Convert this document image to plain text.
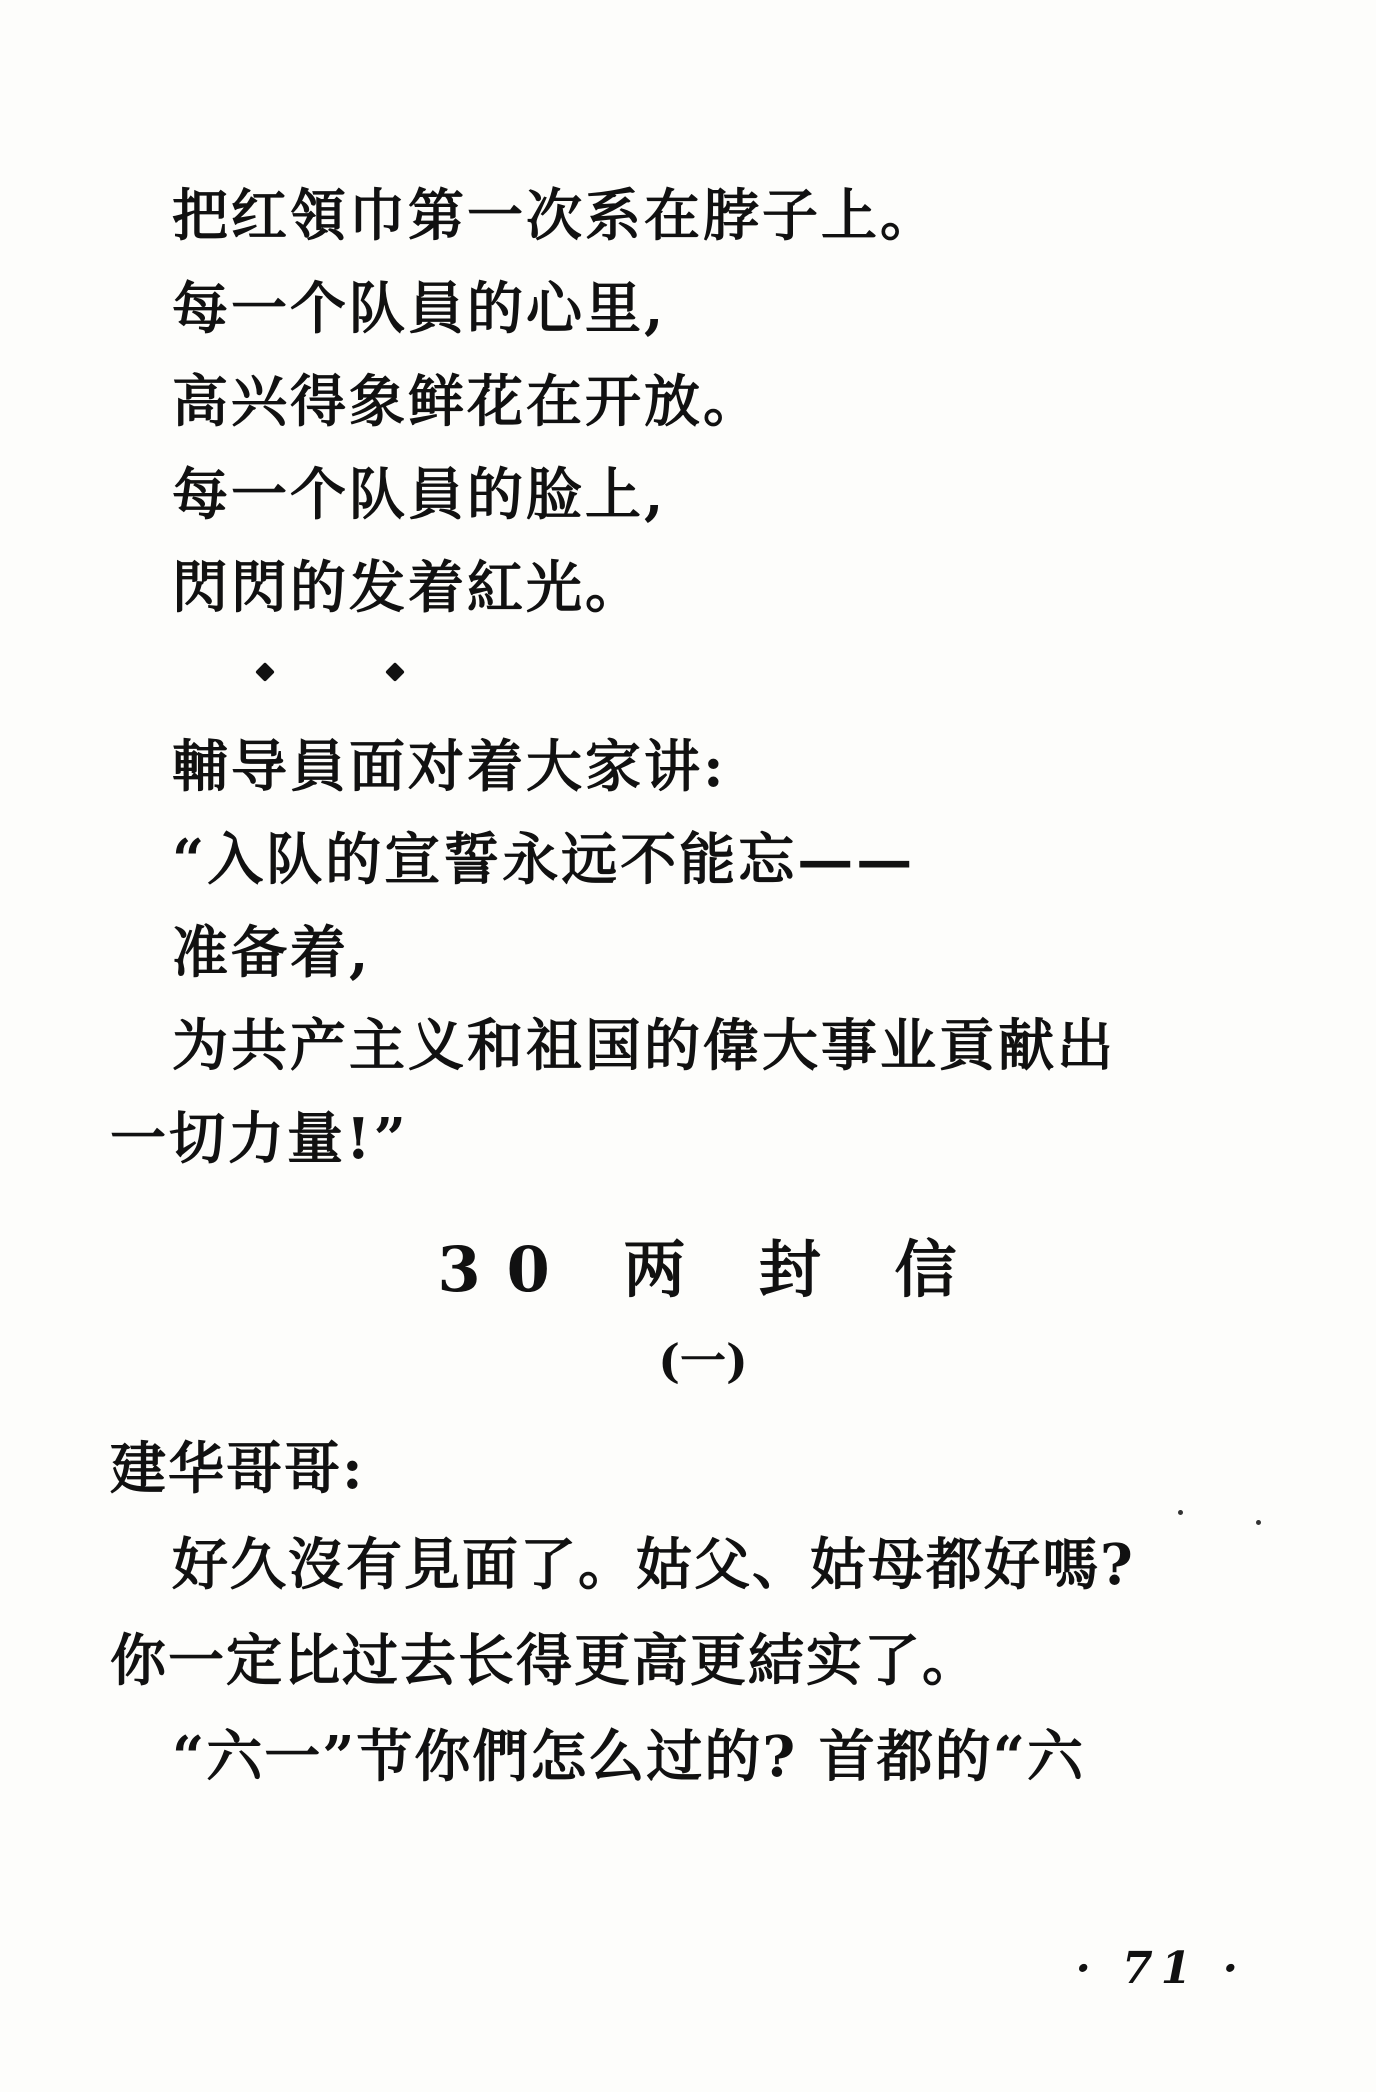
把红領巾第一次系在脖子上。
每一个队員的心里,
高兴得象鲜花在开放。
每一个队員的脸上,
閃閃的发着紅光。
輔导員面对着大家讲:
“入队的宣誓永远不能忘——
准备着,
为共产主义和祖国的偉大事业貢献出
一切力量!”
30 两 封 信
(一)
建华哥哥:
好久沒有見面了。姑父、姑母都好嗎?
你一定比过去长得更高更結实了。
“六一”节你們怎么过的? 首都的“六
· 71 ·
